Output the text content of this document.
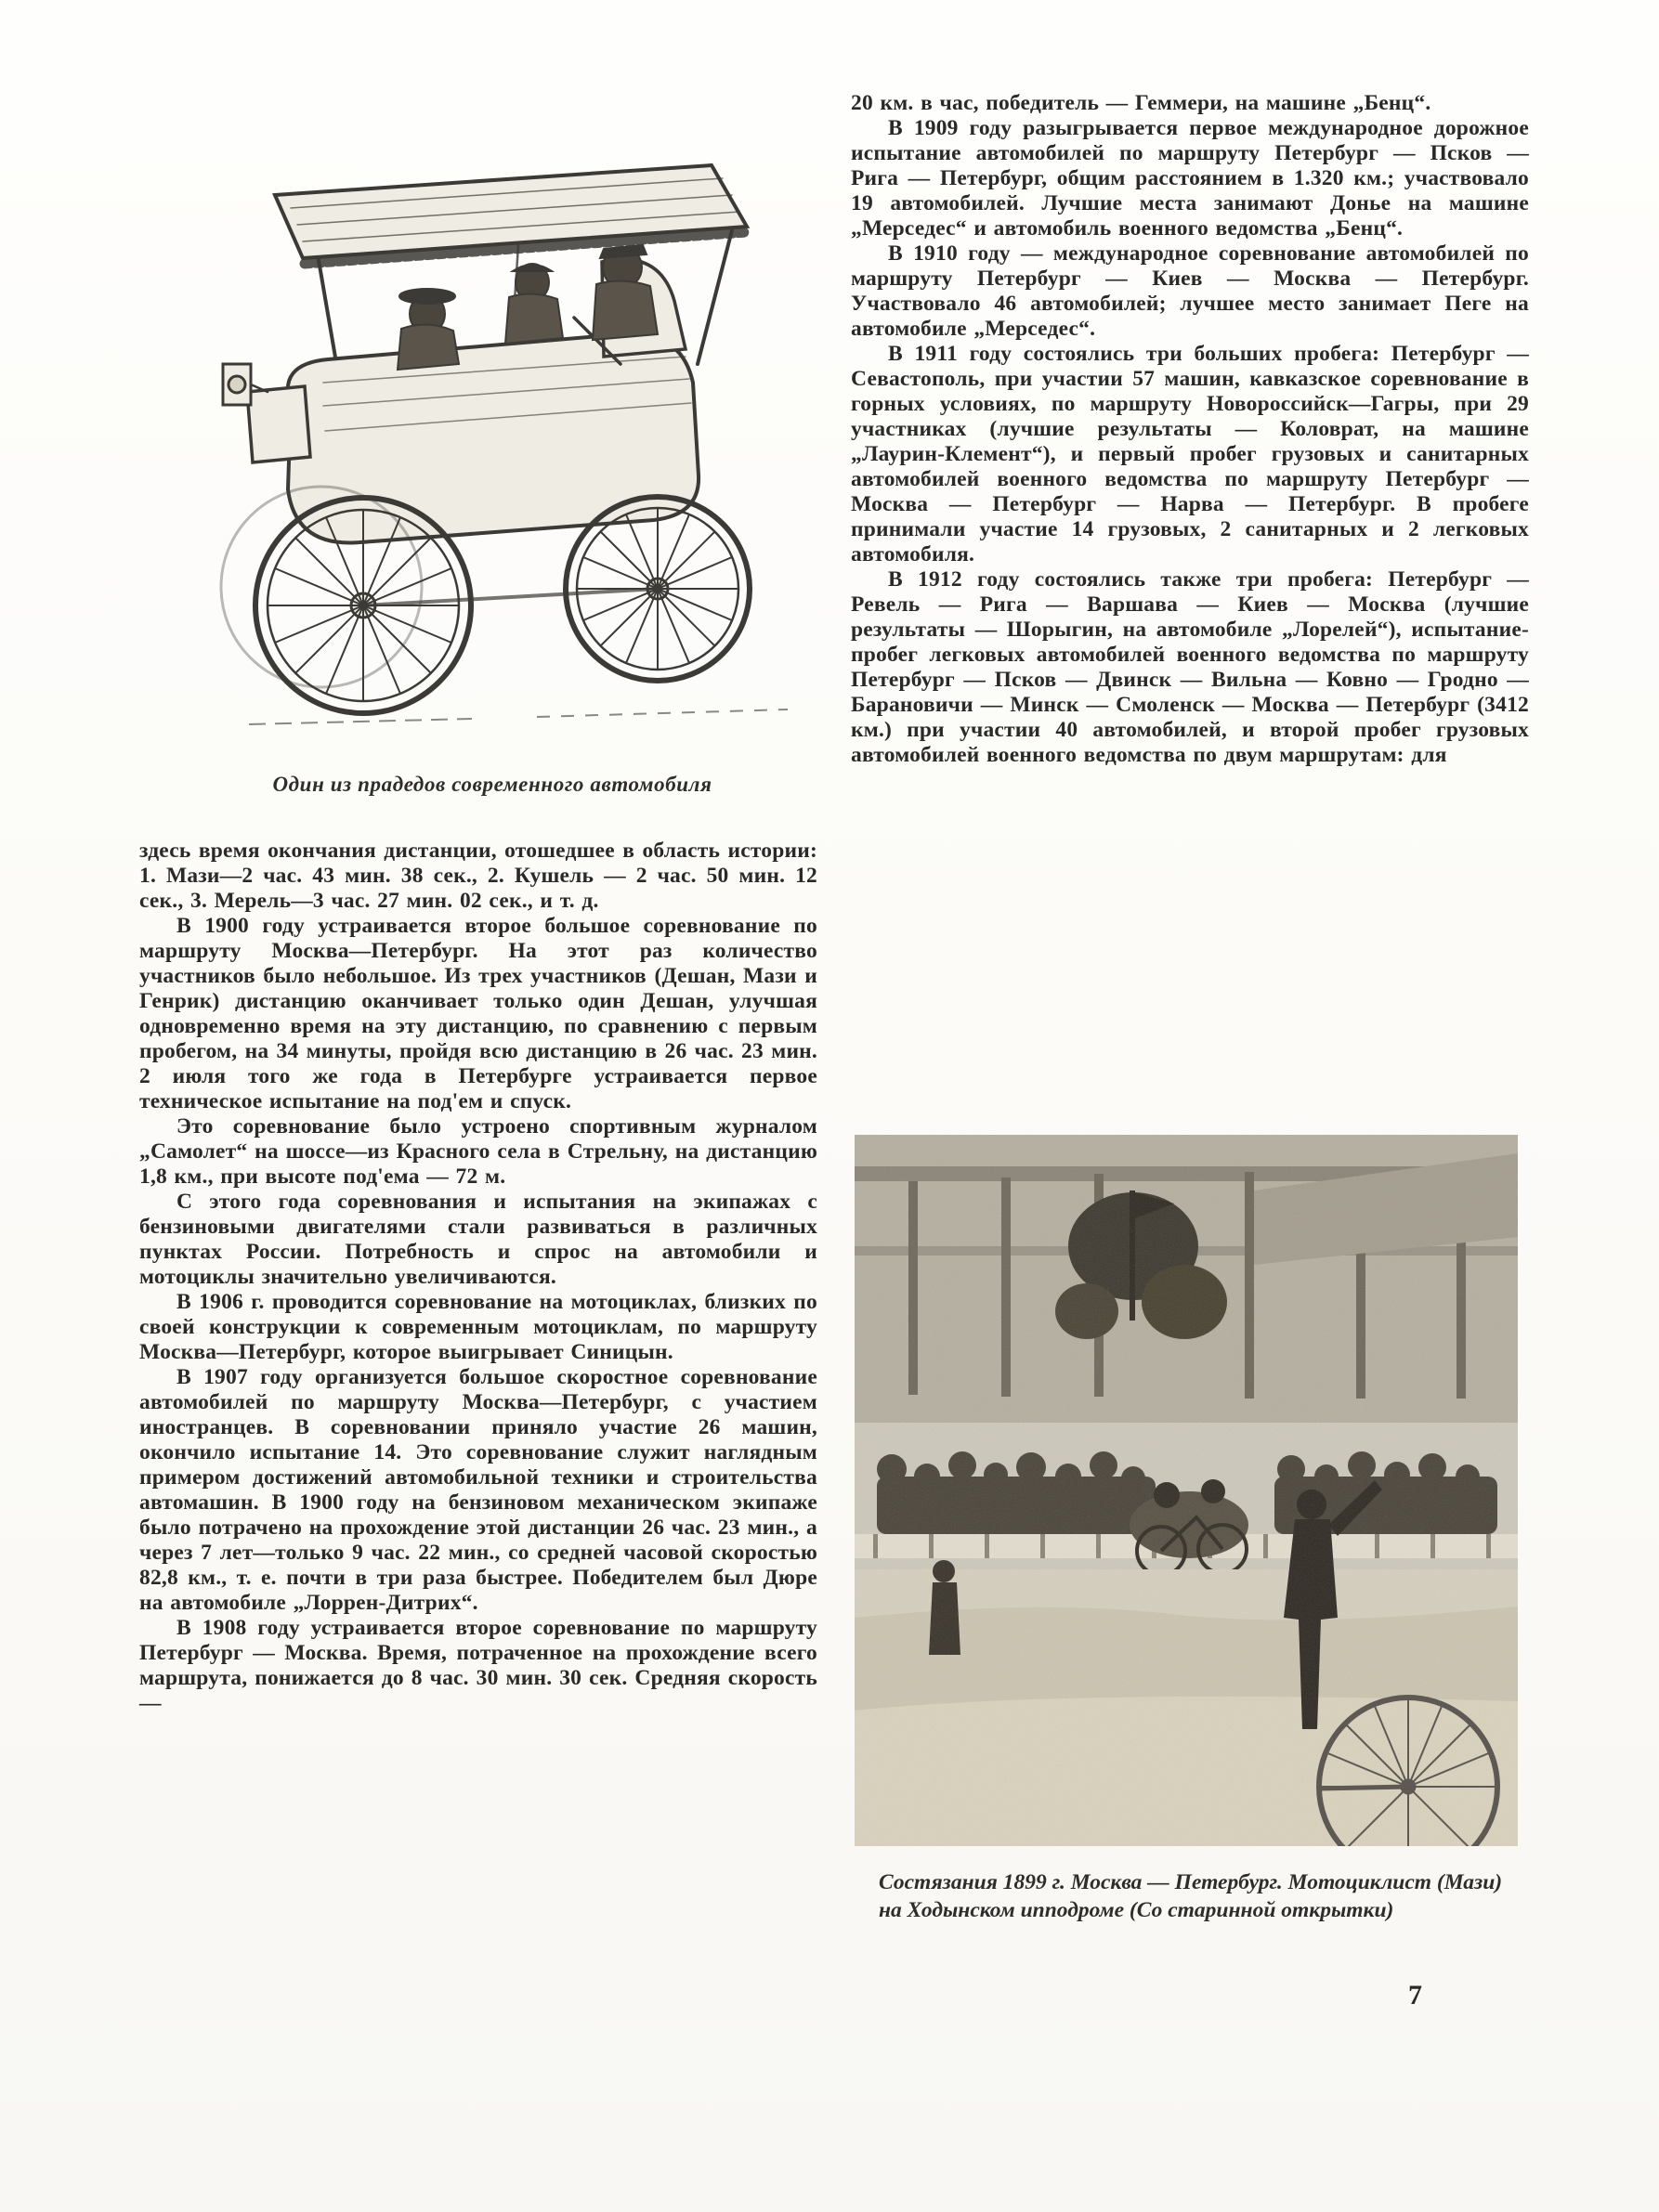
Один из прадедов современного автомобиля

здесь время окончания дистанции, отошедшее в область истории: 1. Мази—2 час. 43 мин. 38 сек., 2. Кушель — 2 час. 50 мин. 12 сек., 3. Мерель—3 час. 27 мин. 02 сек., и т. д.

В 1900 году устраивается второе большое соревнование по маршруту Москва—Петербург. На этот раз количество участников было небольшое. Из трех участников (Дешан, Мази и Генрик) дистанцию оканчивает только один Дешан, улучшая одновременно время на эту дистанцию, по сравнению с первым пробегом, на 34 минуты, пройдя всю дистанцию в 26 час. 23 мин. 2 июля того же года в Петербурге устраивается первое техническое испытание на под'ем и спуск.

Это соревнование было устроено спортивным журналом „Самолет“ на шоссе—из Красного села в Стрельну, на дистанцию 1,8 км., при высоте под'ема — 72 м.

С этого года соревнования и испытания на экипажах с бензиновыми двигателями стали развиваться в различных пунктах России. Потребность и спрос на автомобили и мотоциклы значительно увеличиваются.

В 1906 г. проводится соревнование на мотоциклах, близких по своей конструкции к современным мотоциклам, по маршруту Москва—Петербург, которое выигрывает Синицын.

В 1907 году организуется большое скоростное соревнование автомобилей по маршруту Москва—Петербург, с участием иностранцев. В соревновании приняло участие 26 машин, окончило испытание 14. Это соревнование служит наглядным примером достижений автомобильной техники и строительства автомашин. В 1900 году на бензиновом механическом экипаже было потрачено на прохождение этой дистанции 26 час. 23 мин., а через 7 лет—только 9 час. 22 мин., со средней часовой скоростью 82,8 км., т. е. почти в три раза быстрее. Победителем был Дюре на автомобиле „Лоррен-Дитрих“.

В 1908 году устраивается второе соревнование по маршруту Петербург — Москва. Время, потраченное на прохождение всего маршрута, понижается до 8 час. 30 мин. 30 сек. Средняя скорость—

20 км. в час, победитель — Геммери, на машине „Бенц“.

В 1909 году разыгрывается первое международное дорожное испытание автомобилей по маршруту Петербург — Псков — Рига — Петербург, общим расстоянием в 1.320 км.; участвовало 19 автомобилей. Лучшие места занимают Донье на машине „Мерседес“ и автомобиль военного ведомства „Бенц“.

В 1910 году — международное соревнование автомобилей по маршруту Петербург — Киев — Москва — Петербург. Участвовало 46 автомобилей; лучшее место занимает Пеге на автомобиле „Мерседес“.

В 1911 году состоялись три больших пробега: Петербург — Севастополь, при участии 57 машин, кавказское соревнование в горных условиях, по маршруту Новороссийск—Гагры, при 29 участниках (лучшие результаты — Коловрат, на машине „Лаурин-Клемент“), и первый пробег грузовых и санитарных автомобилей военного ведомства по маршруту Петербург — Москва — Петербург — Нарва — Петербург. В пробеге принимали участие 14 грузовых, 2 санитарных и 2 легковых автомобиля.

В 1912 году состоялись также три пробега: Петербург — Ревель — Рига — Варшава — Киев — Москва (лучшие результаты — Шорыгин, на автомобиле „Лорелей“), испытание-пробег легковых автомобилей военного ведомства по маршруту Петербург — Псков — Двинск — Вильна — Ковно — Гродно — Барановичи — Минск — Смоленск — Москва — Петербург (3412 км.) при участии 40 автомобилей, и второй пробег грузовых автомобилей военного ведомства по двум маршрутам: для

Состязания 1899 г. Москва — Петербург. Мотоциклист (Мази) на Ходынском ипподроме (Со старинной открытки)
7
